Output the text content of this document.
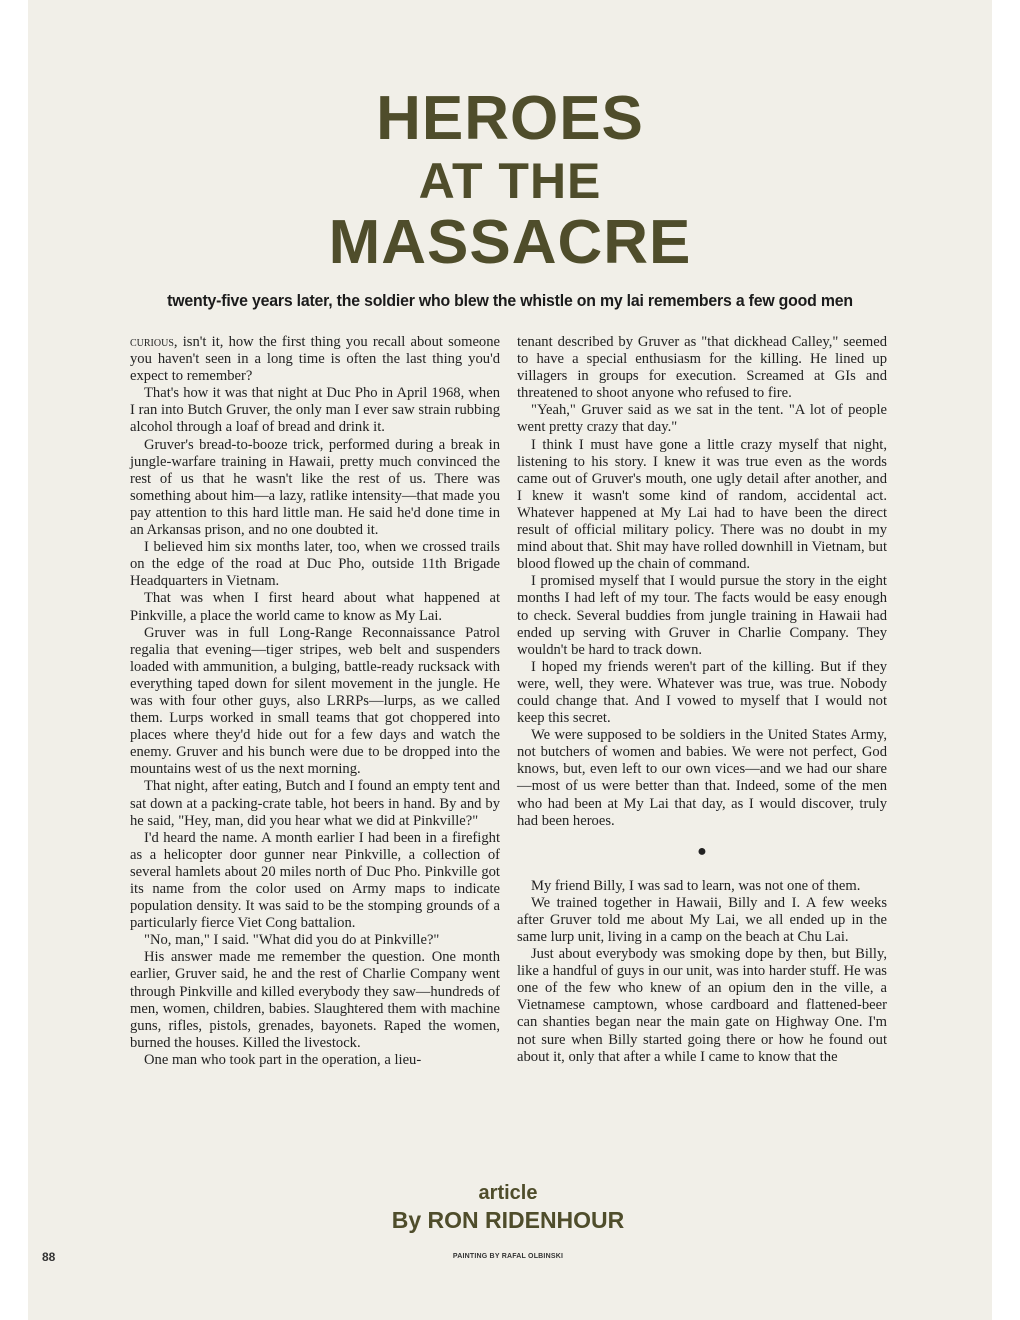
HEROES
AT THE
MASSACRE
twenty-five years later, the soldier who blew the whistle on my lai remembers a few good men

curious, isn't it, how the first thing you recall about someone you haven't seen in a long time is often the last thing you'd expect to remember?

That's how it was that night at Duc Pho in April 1968, when I ran into Butch Gruver, the only man I ever saw strain rubbing alcohol through a loaf of bread and drink it.

Gruver's bread-to-booze trick, performed during a break in jungle-warfare training in Hawaii, pretty much convinced the rest of us that he wasn't like the rest of us. There was something about him—a lazy, ratlike intensity—that made you pay attention to this hard little man. He said he'd done time in an Arkansas prison, and no one doubted it.

I believed him six months later, too, when we crossed trails on the edge of the road at Duc Pho, outside 11th Brigade Headquarters in Vietnam.

That was when I first heard about what happened at Pinkville, a place the world came to know as My Lai.

Gruver was in full Long-Range Reconnaissance Patrol regalia that evening—tiger stripes, web belt and suspenders loaded with ammunition, a bulging, battle-ready rucksack with everything taped down for silent movement in the jungle. He was with four other guys, also LRRPs—lurps, as we called them. Lurps worked in small teams that got choppered into places where they'd hide out for a few days and watch the enemy. Gruver and his bunch were due to be dropped into the mountains west of us the next morning.

That night, after eating, Butch and I found an empty tent and sat down at a packing-crate table, hot beers in hand. By and by he said, "Hey, man, did you hear what we did at Pinkville?"

I'd heard the name. A month earlier I had been in a firefight as a helicopter door gunner near Pinkville, a collection of several hamlets about 20 miles north of Duc Pho. Pinkville got its name from the color used on Army maps to indicate population density. It was said to be the stomping grounds of a particularly fierce Viet Cong battalion.

"No, man," I said. "What did you do at Pinkville?"

His answer made me remember the question. One month earlier, Gruver said, he and the rest of Charlie Company went through Pinkville and killed everybody they saw—hundreds of men, women, children, babies. Slaughtered them with machine guns, rifles, pistols, grenades, bayonets. Raped the women, burned the houses. Killed the livestock.

One man who took part in the operation, a lieu-

tenant described by Gruver as "that dickhead Calley," seemed to have a special enthusiasm for the killing. He lined up villagers in groups for execution. Screamed at GIs and threatened to shoot anyone who refused to fire.

"Yeah," Gruver said as we sat in the tent. "A lot of people went pretty crazy that day."

I think I must have gone a little crazy myself that night, listening to his story. I knew it was true even as the words came out of Gruver's mouth, one ugly detail after another, and I knew it wasn't some kind of random, accidental act. Whatever happened at My Lai had to have been the direct result of official military policy. There was no doubt in my mind about that. Shit may have rolled downhill in Vietnam, but blood flowed up the chain of command.

I promised myself that I would pursue the story in the eight months I had left of my tour. The facts would be easy enough to check. Several buddies from jungle training in Hawaii had ended up serving with Gruver in Charlie Company. They wouldn't be hard to track down.

I hoped my friends weren't part of the killing. But if they were, well, they were. Whatever was true, was true. Nobody could change that. And I vowed to myself that I would not keep this secret.

We were supposed to be soldiers in the United States Army, not butchers of women and babies. We were not perfect, God knows, but, even left to our own vices—and we had our share—most of us were better than that. Indeed, some of the men who had been at My Lai that day, as I would discover, truly had been heroes.

●

My friend Billy, I was sad to learn, was not one of them.

We trained together in Hawaii, Billy and I. A few weeks after Gruver told me about My Lai, we all ended up in the same lurp unit, living in a camp on the beach at Chu Lai.

Just about everybody was smoking dope by then, but Billy, like a handful of guys in our unit, was into harder stuff. He was one of the few who knew of an opium den in the ville, a Vietnamese camptown, whose cardboard and flattened-beer can shanties began near the main gate on Highway One. I'm not sure when Billy started going there or how he found out about it, only that after a while I came to know that the

article
By RON RIDENHOUR
88	PAINTING BY RAFAL OLBINSKI
